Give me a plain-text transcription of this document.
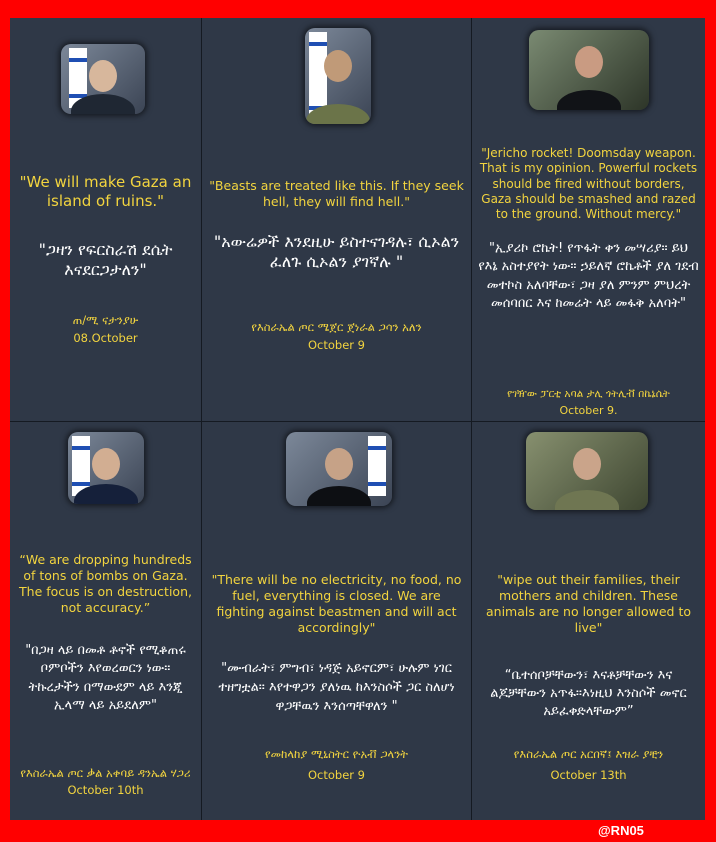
"We will make Gaza an island of ruins."
"ጋዛን የፍርስራሽ ደሴት እናደርጋታለን"
ጠ/ሚ ናታንያሁ
08.October
"Beasts are treated like this. If they seek hell, they will find hell."
"አውሬዎች እንደዚሁ ይስተናገዳሉ፣ ሲኦልን ፈለጉ ሲኦልን ያገኛሉ "
የእስራኤል ጦር ሜጀር ጀነራል ጋሳን አለን
October 9
"Jericho rocket! Doomsday weapon. That is my opinion. Powerful rockets should be fired without borders, Gaza should be smashed and razed to the ground. Without mercy."
"ኢያሪኮ ሮኬት! የጥፋት ቀን መሣሪያ። ይህ የእኔ አስተያየት ነው። ኃይለኛ ሮኬቶች ያለ ገደብ መተኮስ አለባቸው፣ ጋዛ ያለ ምንም ምህረት መሰባበር እና ከመሬት ላይ መፋቅ አለባት"
የገዥው ፓርቲ አባል ታሊ ጎትሊቭ በኬኔሴት
October 9.
“We are dropping hundreds of tons of bombs on Gaza. The focus is on destruction, not accuracy.”
"በጋዛ ላይ በመቶ ቶኖች የሚቆጠሩ ቦምቦችን እየወረወርን ነው። ትኩረታችን በማውደም ላይ እንጂ ኢላማ ላይ አይደለም"
የእስራኤል ጦር ቃል አቀባይ ዳንኤል ሃጋሪ October 10th
"There will be no electricity, no food, no fuel, everything is closed. We are fighting against beastmen and will act accordingly"
"ሙብራት፣ ምግብ፣ ነዳጅ አይኖርም፣ ሁሉም ነገር ተዘግቷል። እየተዋጋን ያለነዉ ከእንስሶች ጋር ስለሆነ ዋጋቸዉን እንሰጣቸዋለን "
የመከላከያ ሚኒስትር ዮአቭ ጋላንት
October 9
"wipe out their families, their mothers and children. These animals are no longer allowed to live"
“ቤተሰቦቻቸውን፣ እናቶቻቸውን እና ልጆቻቸውን አጥፋ።እነዚህ እንስሶች መኖር አይፈቀድላቸውም”
የእስራኤል ጦር አርበኛ፤ እዝራ ያቺን
October 13th
@RN05
